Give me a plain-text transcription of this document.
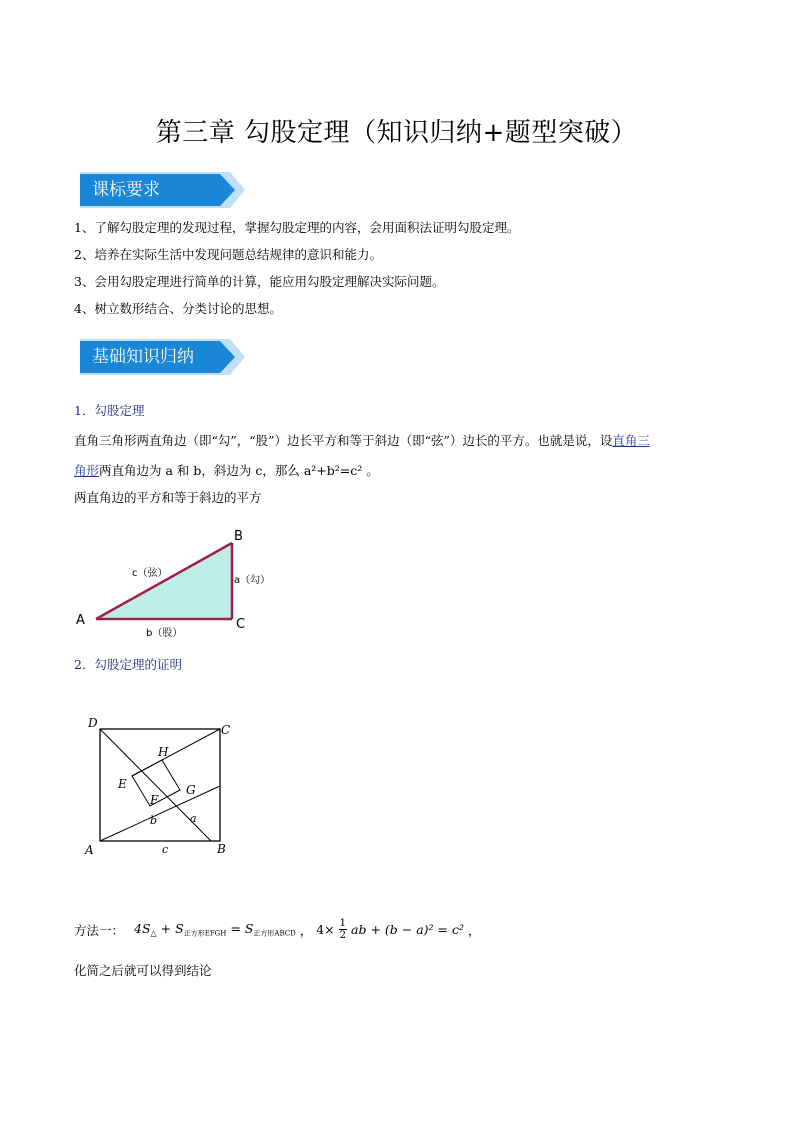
第三章 勾股定理（知识归纳+题型突破）
课标要求
1、了解勾股定理的发现过程，掌握勾股定理的内容，会用面积法证明勾股定理。
2、培养在实际生活中发现问题总结规律的意识和能力。
3、会用勾股定理进行简单的计算，能应用勾股定理解决实际问题。
4、树立数形结合、分类讨论的思想。
基础知识归纳
1．勾股定理
直角三角形两直角边（即“勾”，“股”）边长平方和等于斜边（即“弦”）边长的平方。也就是说，设直角三
角形两直角边为 a 和 b，斜边为 c，那么 a²+b²=c² 。
两直角边的平方和等于斜边的平方
A
B
C
c（弦）
a（勾）
b（股）
2．勾股定理的证明
D	C
A	B
H
E
F
G
b	a
c
方法一： $4S_\triangle + S_{正方形EFGH} = S_{正方形ABCD}$ ， $4\times \frac{1}{2}$ ab + (b − a)² = c² ，
化简之后就可以得到结论
